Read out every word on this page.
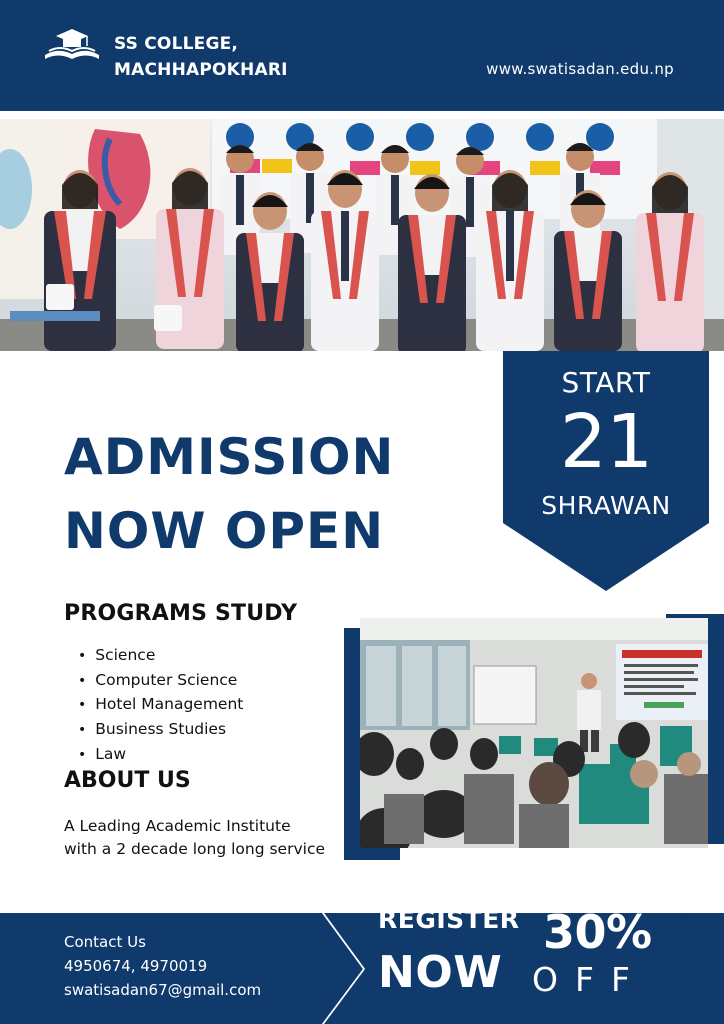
SS COLLEGE,
MACHHAPOKHARI	www.swatisadan.edu.np
START
21
SHRAWAN
ADMISSION
NOW OPEN
PROGRAMS STUDY
• Science
• Computer Science
• Hotel Management
• Business Studies
• Law
ABOUT US
A Leading Academic Institute
with a 2 decade long long service
Contact Us
4950674, 4970019
swatisadan67@gmail.com
REGISTER
NOW
30%
OFF
